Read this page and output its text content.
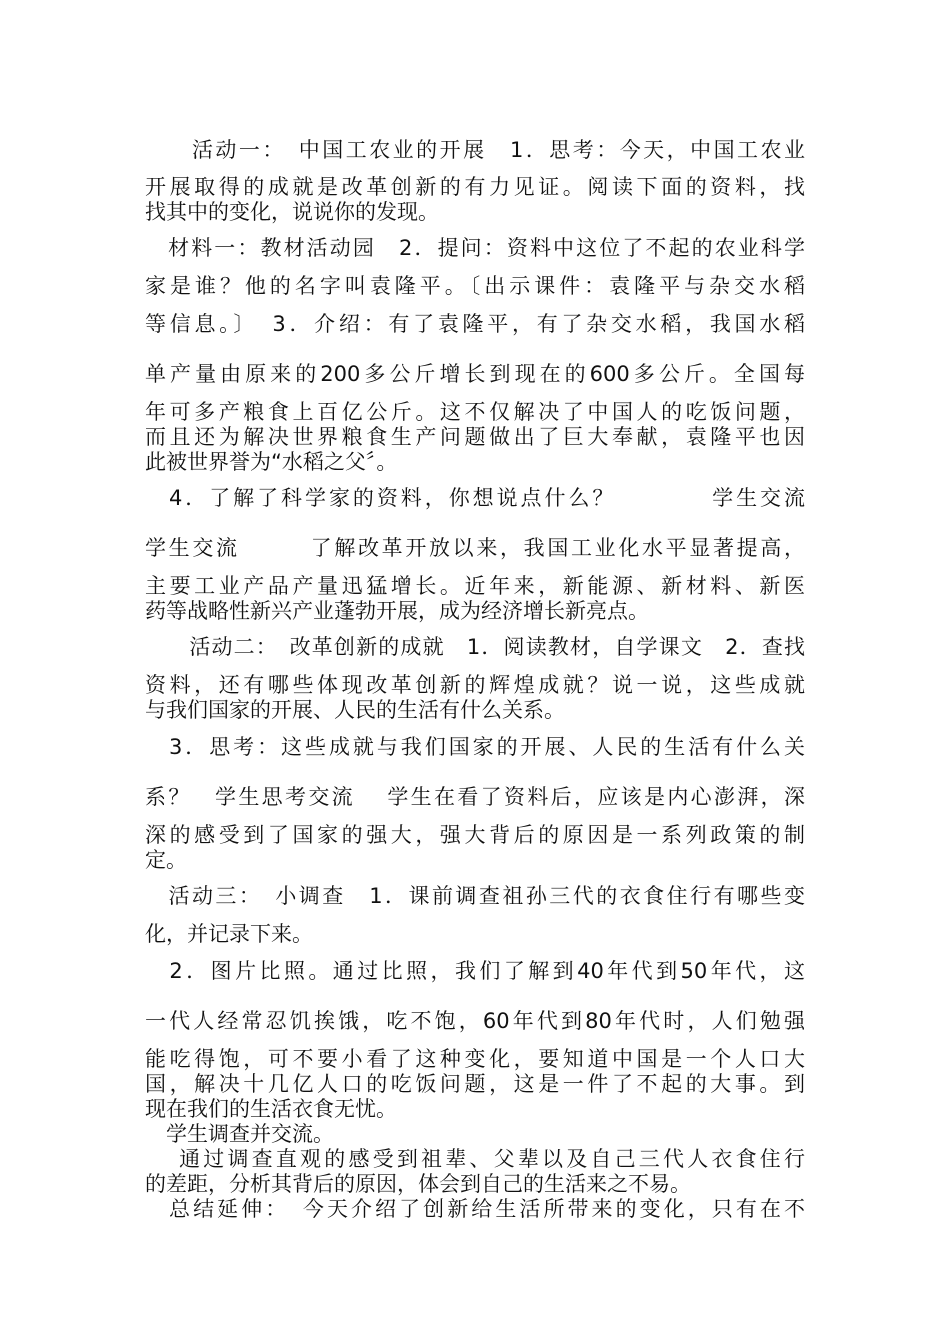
　　活动一：　中国工农业的开展　1．思考：今天，中国工农业
开展取得的成就是改革创新的有力见证。阅读下面的资料，找
找其中的变化，说说你的发现。
　材料一：教材活动园　2．提问：资料中这位了不起的农业科学
家是谁？他的名字叫袁隆平。〔出示课件：袁隆平与杂交水稻
等信息。〕　3．介绍：有了袁隆平，有了杂交水稻，我国水稻
单产量由原来的200多公斤增长到现在的600多公斤。全国每
年可多产粮食上百亿公斤。这不仅解决了中国人的吃饭问题，
而且还为解决世界粮食生产问题做出了巨大奉献，袁隆平也因
此被世界誉为“水稻之父〞。
　4．了解了科学家的资料，你想说点什么？　　　　学生交流
学生交流　　　了解改革开放以来，我国工业化水平显著提高，
主要工业产品产量迅猛增长。近年来，新能源、新材料、新医
药等战略性新兴产业蓬勃开展，成为经济增长新亮点。
　　活动二：　改革创新的成就　1．阅读教材，自学课文　2．查找
资料，还有哪些体现改革创新的辉煌成就？说一说，这些成就
与我们国家的开展、人民的生活有什么关系。
　3．思考：这些成就与我们国家的开展、人民的生活有什么关
系？　学生思考交流　 学生在看了资料后，应该是内心澎湃，深
深的感受到了国家的强大，强大背后的原因是一系列政策的制
定。
　活动三：　小调查　1．课前调查祖孙三代的衣食住行有哪些变
化，并记录下来。
　2．图片比照。通过比照，我们了解到40年代到50年代，这
一代人经常忍饥挨饿，吃不饱，60年代到80年代时，人们勉强
能吃得饱，可不要小看了这种变化，要知道中国是一个人口大
国，解决十几亿人口的吃饭问题，这是一件了不起的大事。到
现在我们的生活衣食无忧。
　学生调查并交流。
　 通过调查直观的感受到祖辈、父辈以及自己三代人衣食住行
的差距，分析其背后的原因，体会到自己的生活来之不易。
　总结延伸：　今天介绍了创新给生活所带来的变化，只有在不
